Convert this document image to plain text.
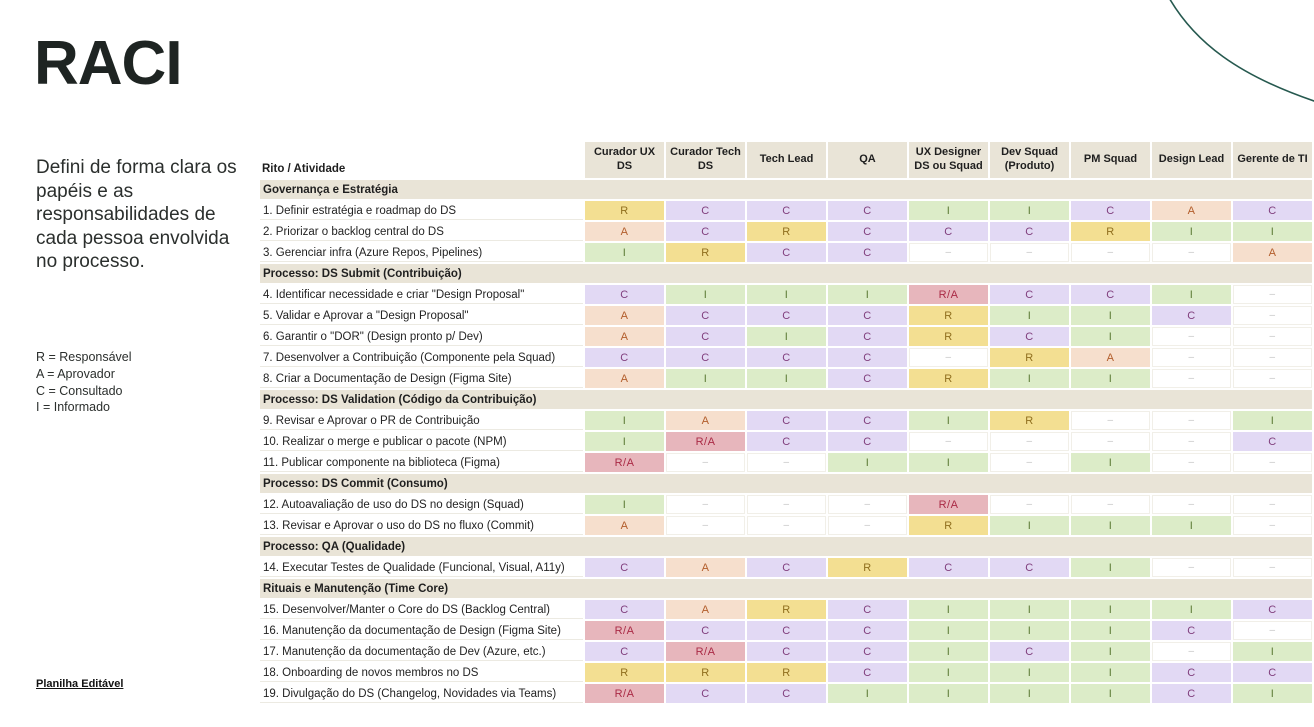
RACI

Defini de forma clara os papéis e as responsabilidades de cada pessoa envolvida no processo.

R = Responsável
A = Aprovador
C = Consultado
I = Informado
Planilha Editável
Rito / Atividade	Curador UX DS	Curador Tech DS	Tech Lead	QA	UX Designer DS ou Squad	Dev Squad (Produto)	PM Squad	Design Lead	Gerente de TI
Governança e Estratégia									
1. Definir estratégia e roadmap do DS	R	C	C	C	I	I	C	A	C
2. Priorizar o backlog central do DS	A	C	R	C	C	C	R	I	I
3. Gerenciar infra (Azure Repos, Pipelines)	I	R	C	C	–	–	–	–	A
Processo: DS Submit (Contribuição)									
4. Identificar necessidade e criar "Design Proposal"	C	I	I	I	R/A	C	C	I	–
5. Validar e Aprovar a "Design Proposal"	A	C	C	C	R	I	I	C	–
6. Garantir o "DOR" (Design pronto p/ Dev)	A	C	I	C	R	C	I	–	–
7. Desenvolver a Contribuição (Componente pela Squad)	C	C	C	C	–	R	A	–	–
8. Criar a Documentação de Design (Figma Site)	A	I	I	C	R	I	I	–	–
Processo: DS Validation (Código da Contribuição)									
9. Revisar e Aprovar o PR de Contribuição	I	A	C	C	I	R	–	–	I
10. Realizar o merge e publicar o pacote (NPM)	I	R/A	C	C	–	–	–	–	C
11. Publicar componente na biblioteca (Figma)	R/A	–	–	I	I	–	I	–	–
Processo: DS Commit (Consumo)									
12. Autoavaliação de uso do DS no design (Squad)	I	–	–	–	R/A	–	–	–	–
13. Revisar e Aprovar o uso do DS no fluxo (Commit)	A	–	–	–	R	I	I	I	–
Processo: QA (Qualidade)									
14. Executar Testes de Qualidade (Funcional, Visual, A11y)	C	A	C	R	C	C	I	–	–
Rituais e Manutenção (Time Core)									
15. Desenvolver/Manter o Core do DS (Backlog Central)	C	A	R	C	I	I	I	I	C
16. Manutenção da documentação de Design (Figma Site)	R/A	C	C	C	I	I	I	C	–
17. Manutenção da documentação de Dev (Azure, etc.)	C	R/A	C	C	I	C	I	–	I
18. Onboarding de novos membros no DS	R	R	R	C	I	I	I	C	C
19. Divulgação do DS (Changelog, Novidades via Teams)	R/A	C	C	I	I	I	I	C	I
